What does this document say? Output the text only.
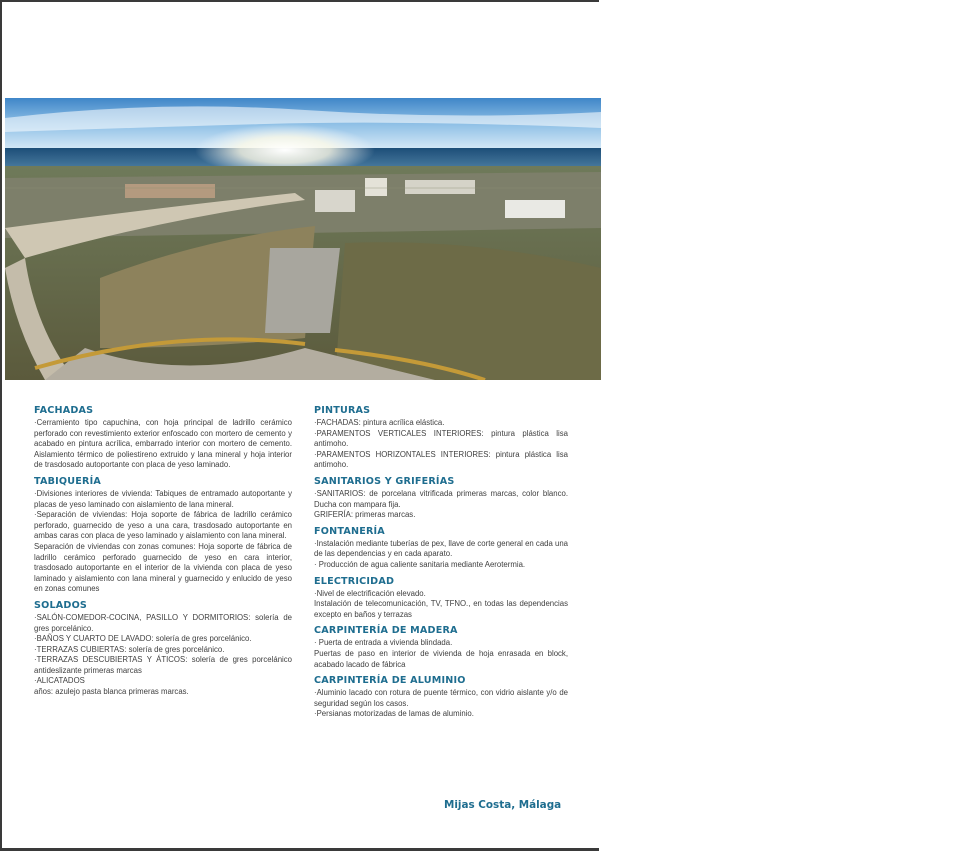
FACHADAS

·Cerramiento tipo capuchina, con hoja principal de ladrillo cerámico perforado con revestimiento exterior enfoscado con mortero de cemento y acabado en pintura acrílica, embarrado interior con mortero de cemento. Aislamiento térmico de poliestireno extruido y lana mineral y hoja interior de trasdosado autoportante con placa de yeso laminado.

TABIQUERÍA

·Divisiones interiores de vivienda: Tabiques de entramado autoportante y placas de yeso laminado con aislamiento de lana mineral.

·Separación de viviendas: Hoja soporte de fábrica de ladrillo cerámico perforado, guarnecido de yeso a una cara, trasdosado autoportante en ambas caras con placa de yeso laminado y aislamiento con lana mineral.

Separación de viviendas con zonas comunes: Hoja soporte de fábrica de ladrillo cerámico perforado guarnecido de yeso en cara interior, trasdosado autoportante en el interior de la vivienda con placa de yeso laminado y aislamiento con lana mineral y guarnecido y enlucido de yeso en zonas comunes

SOLADOS

·SALÓN-COMEDOR-COCINA, PASILLO Y DORMITORIOS: solería de gres porcelánico.

·BAÑOS Y CUARTO DE LAVADO: solería de gres porcelánico.

·TERRAZAS CUBIERTAS: solería de gres porcelánico.

·TERRAZAS DESCUBIERTAS Y ÁTICOS: solería de gres porcelánico antideslizante primeras marcas

·ALICATADOS

años: azulejo pasta blanca primeras marcas.

PINTURAS

·FACHADAS: pintura acrílica elástica.

·PARAMENTOS VERTICALES INTERIORES: pintura plástica lisa antimoho.

·PARAMENTOS HORIZONTALES INTERIORES: pintura plástica lisa antimoho.

SANITARIOS Y GRIFERÍAS

·SANITARIOS: de porcelana vitrificada primeras marcas, color blanco. Ducha con mampara fija.

GRIFERÍA: primeras marcas.

FONTANERÍA

·Instalación mediante tuberías de pex, llave de corte general en cada una de las dependencias y en cada aparato.

· Producción de agua caliente sanitaria mediante Aerotermia.

ELECTRICIDAD

·Nivel de electrificación elevado.

Instalación de telecomunicación, TV, TFNO., en todas las dependencias excepto en baños y terrazas

CARPINTERÍA DE MADERA

· Puerta de entrada a vivienda blindada.

Puertas de paso en interior de vivienda de hoja enrasada en block, acabado lacado de fábrica

CARPINTERÍA DE ALUMINIO

·Aluminio lacado con rotura de puente térmico, con vidrio aislante y/o de seguridad según los casos.

·Persianas motorizadas de lamas de aluminio.

Mijas Costa, Málaga
